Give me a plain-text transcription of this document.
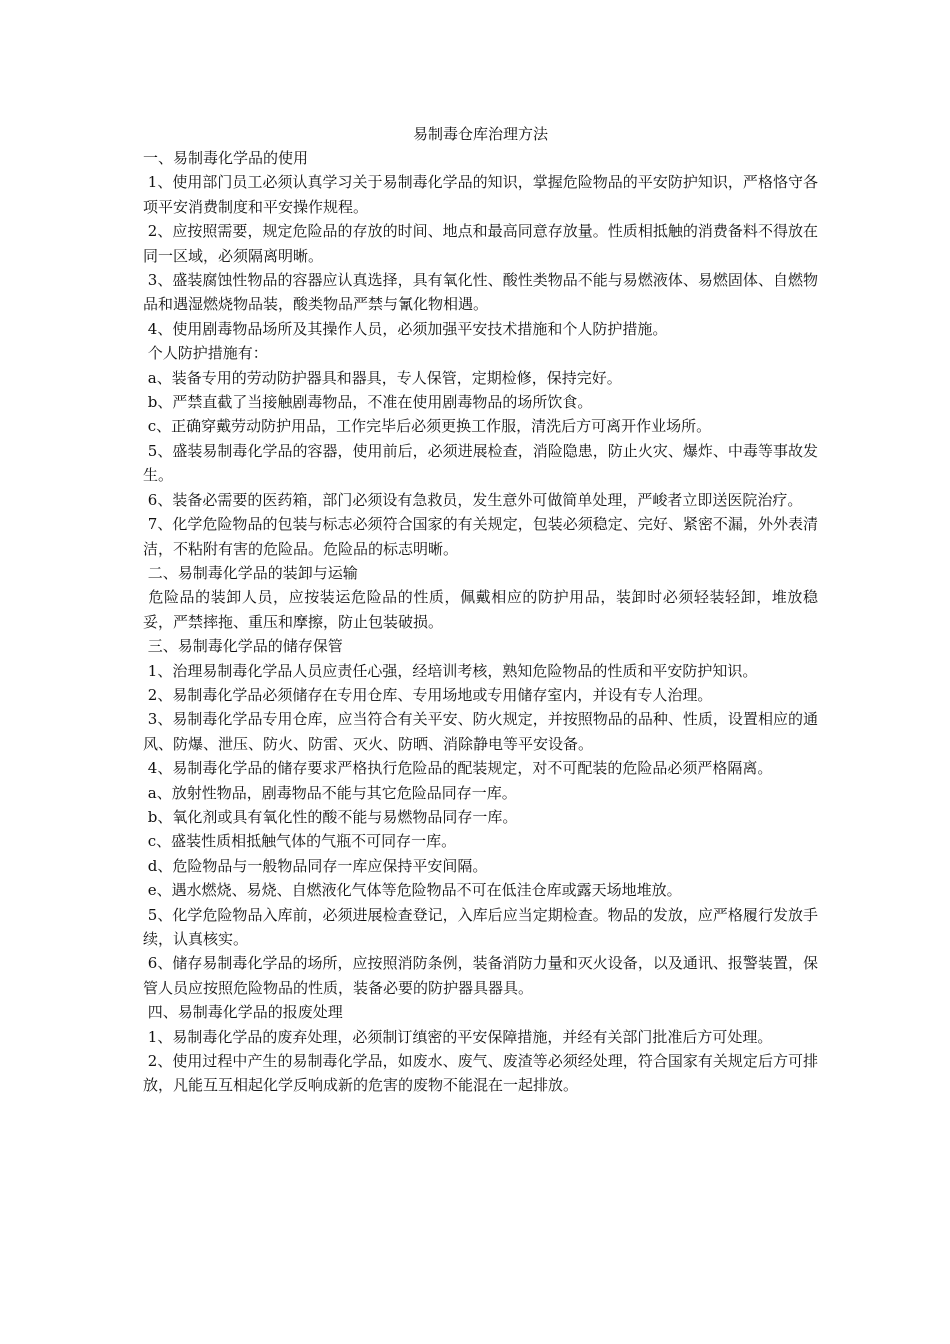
易制毒仓库治理方法

一、易制毒化学品的使用

1、使用部门员工必须认真学习关于易制毒化学品的知识，掌握危险物品的平安防护知识，严格恪守各项平安消费制度和平安操作规程。

2、应按照需要，规定危险品的存放的时间、地点和最高同意存放量。性质相抵触的消费备料不得放在同一区域，必须隔离明晰。

3、盛装腐蚀性物品的容器应认真选择，具有氧化性、酸性类物品不能与易燃液体、易燃固体、自燃物品和遇湿燃烧物品装，酸类物品严禁与氰化物相遇。

4、使用剧毒物品场所及其操作人员，必须加强平安技术措施和个人防护措施。

个人防护措施有：

a、装备专用的劳动防护器具和器具，专人保管，定期检修，保持完好。

b、严禁直截了当接触剧毒物品，不准在使用剧毒物品的场所饮食。

c、正确穿戴劳动防护用品，工作完毕后必须更换工作服，清洗后方可离开作业场所。

5、盛装易制毒化学品的容器，使用前后，必须进展检查，消险隐患，防止火灾、爆炸、中毒等事故发生。

6、装备必需要的医药箱，部门必须设有急救员，发生意外可做简单处理，严峻者立即送医院治疗。

7、化学危险物品的包装与标志必须符合国家的有关规定，包装必须稳定、完好、紧密不漏，外外表清洁，不粘附有害的危险品。危险品的标志明晰。

二、易制毒化学品的装卸与运输

危险品的装卸人员，应按装运危险品的性质，佩戴相应的防护用品，装卸时必须轻装轻卸，堆放稳妥，严禁摔拖、重压和摩擦，防止包装破损。

三、易制毒化学品的储存保管

1、治理易制毒化学品人员应责任心强，经培训考核，熟知危险物品的性质和平安防护知识。

2、易制毒化学品必须储存在专用仓库、专用场地或专用储存室内，并设有专人治理。

3、易制毒化学品专用仓库，应当符合有关平安、防火规定，并按照物品的品种、性质，设置相应的通风、防爆、泄压、防火、防雷、灭火、防晒、消除静电等平安设备。

4、易制毒化学品的储存要求严格执行危险品的配装规定，对不可配装的危险品必须严格隔离。

a、放射性物品，剧毒物品不能与其它危险品同存一库。

b、氧化剂或具有氧化性的酸不能与易燃物品同存一库。

c、盛装性质相抵触气体的气瓶不可同存一库。

d、危险物品与一般物品同存一库应保持平安间隔。

e、遇水燃烧、易烧、自燃液化气体等危险物品不可在低洼仓库或露天场地堆放。

5、化学危险物品入库前，必须进展检查登记，入库后应当定期检查。物品的发放，应严格履行发放手续，认真核实。

6、储存易制毒化学品的场所，应按照消防条例，装备消防力量和灭火设备，以及通讯、报警装置，保管人员应按照危险物品的性质，装备必要的防护器具器具。

四、易制毒化学品的报废处理

1、易制毒化学品的废弃处理，必须制订缜密的平安保障措施，并经有关部门批准后方可处理。

2、使用过程中产生的易制毒化学品，如废水、废气、废渣等必须经处理，符合国家有关规定后方可排放，凡能互互相起化学反响成新的危害的废物不能混在一起排放。
